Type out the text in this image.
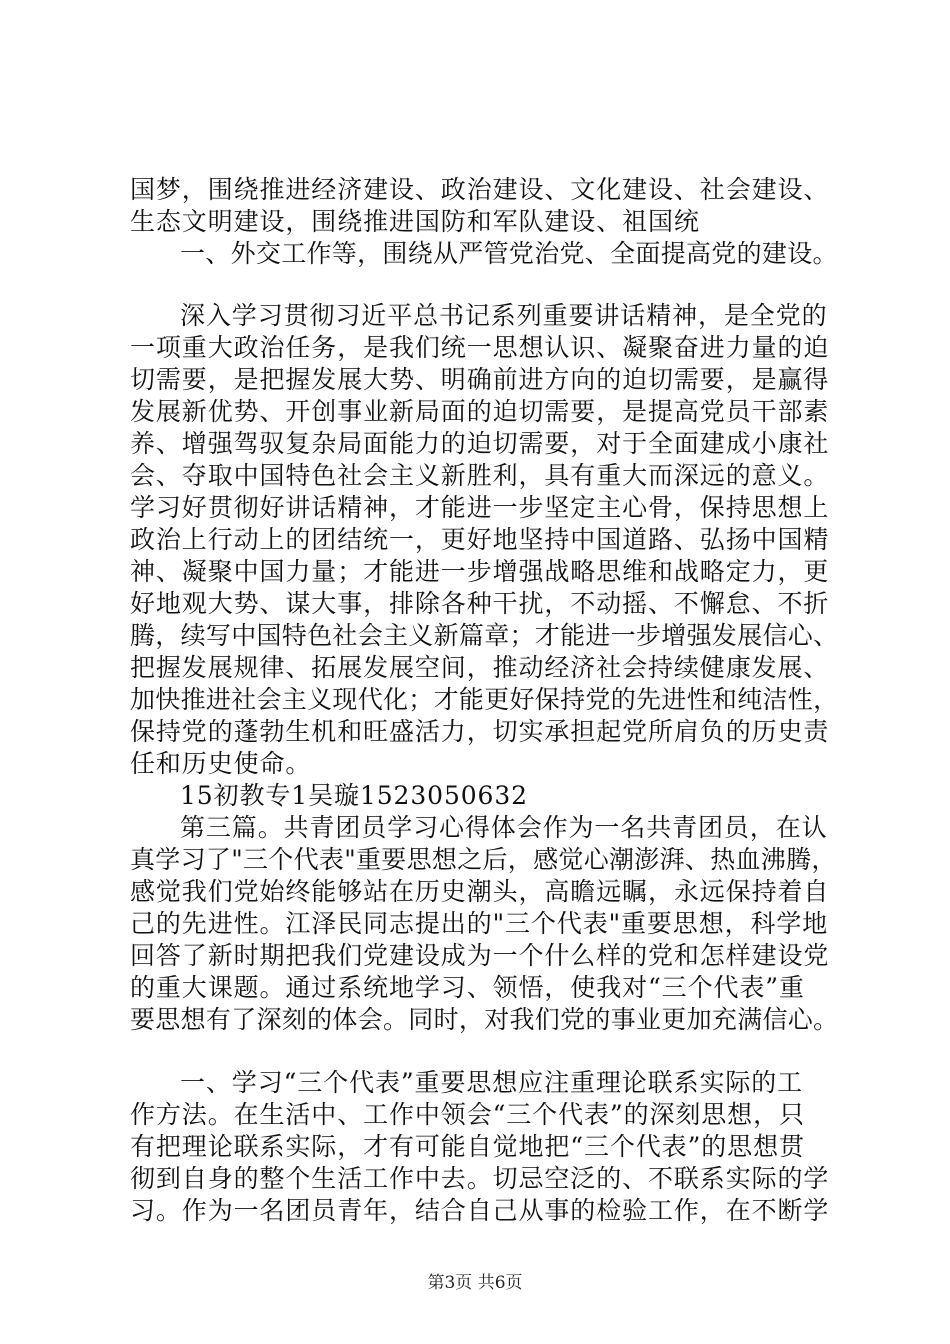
国梦，围绕推进经济建设、政治建设、文化建设、社会建设、
生态文明建设，围绕推进国防和军队建设、祖国统
一、外交工作等，围绕从严管党治党、全面提高党的建设。
深入学习贯彻习近平总书记系列重要讲话精神，是全党的
一项重大政治任务，是我们统一思想认识、凝聚奋进力量的迫
切需要，是把握发展大势、明确前进方向的迫切需要，是赢得
发展新优势、开创事业新局面的迫切需要，是提高党员干部素
养、增强驾驭复杂局面能力的迫切需要，对于全面建成小康社
会、夺取中国特色社会主义新胜利，具有重大而深远的意义。
学习好贯彻好讲话精神，才能进一步坚定主心骨，保持思想上
政治上行动上的团结统一，更好地坚持中国道路、弘扬中国精
神、凝聚中国力量；才能进一步增强战略思维和战略定力，更
好地观大势、谋大事，排除各种干扰，不动摇、不懈怠、不折
腾，续写中国特色社会主义新篇章；才能进一步增强发展信心、
把握发展规律、拓展发展空间，推动经济社会持续健康发展、
加快推进社会主义现代化；才能更好保持党的先进性和纯洁性，
保持党的蓬勃生机和旺盛活力，切实承担起党所肩负的历史责
任和历史使命。
15初教专1吴璇1523050632
第三篇。共青团员学习心得体会作为一名共青团员，在认
真学习了"三个代表"重要思想之后，感觉心潮澎湃、热血沸腾，
感觉我们党始终能够站在历史潮头，高瞻远瞩，永远保持着自
己的先进性。江泽民同志提出的"三个代表"重要思想，科学地
回答了新时期把我们党建设成为一个什么样的党和怎样建设党
的重大课题。通过系统地学习、领悟，使我对“三个代表”重
要思想有了深刻的体会。同时，对我们党的事业更加充满信心。
一、学习“三个代表”重要思想应注重理论联系实际的工
作方法。在生活中、工作中领会“三个代表”的深刻思想，只
有把理论联系实际，才有可能自觉地把“三个代表”的思想贯
彻到自身的整个生活工作中去。切忌空泛的、不联系实际的学
习。作为一名团员青年，结合自己从事的检验工作，在不断学
第3页 共6页
